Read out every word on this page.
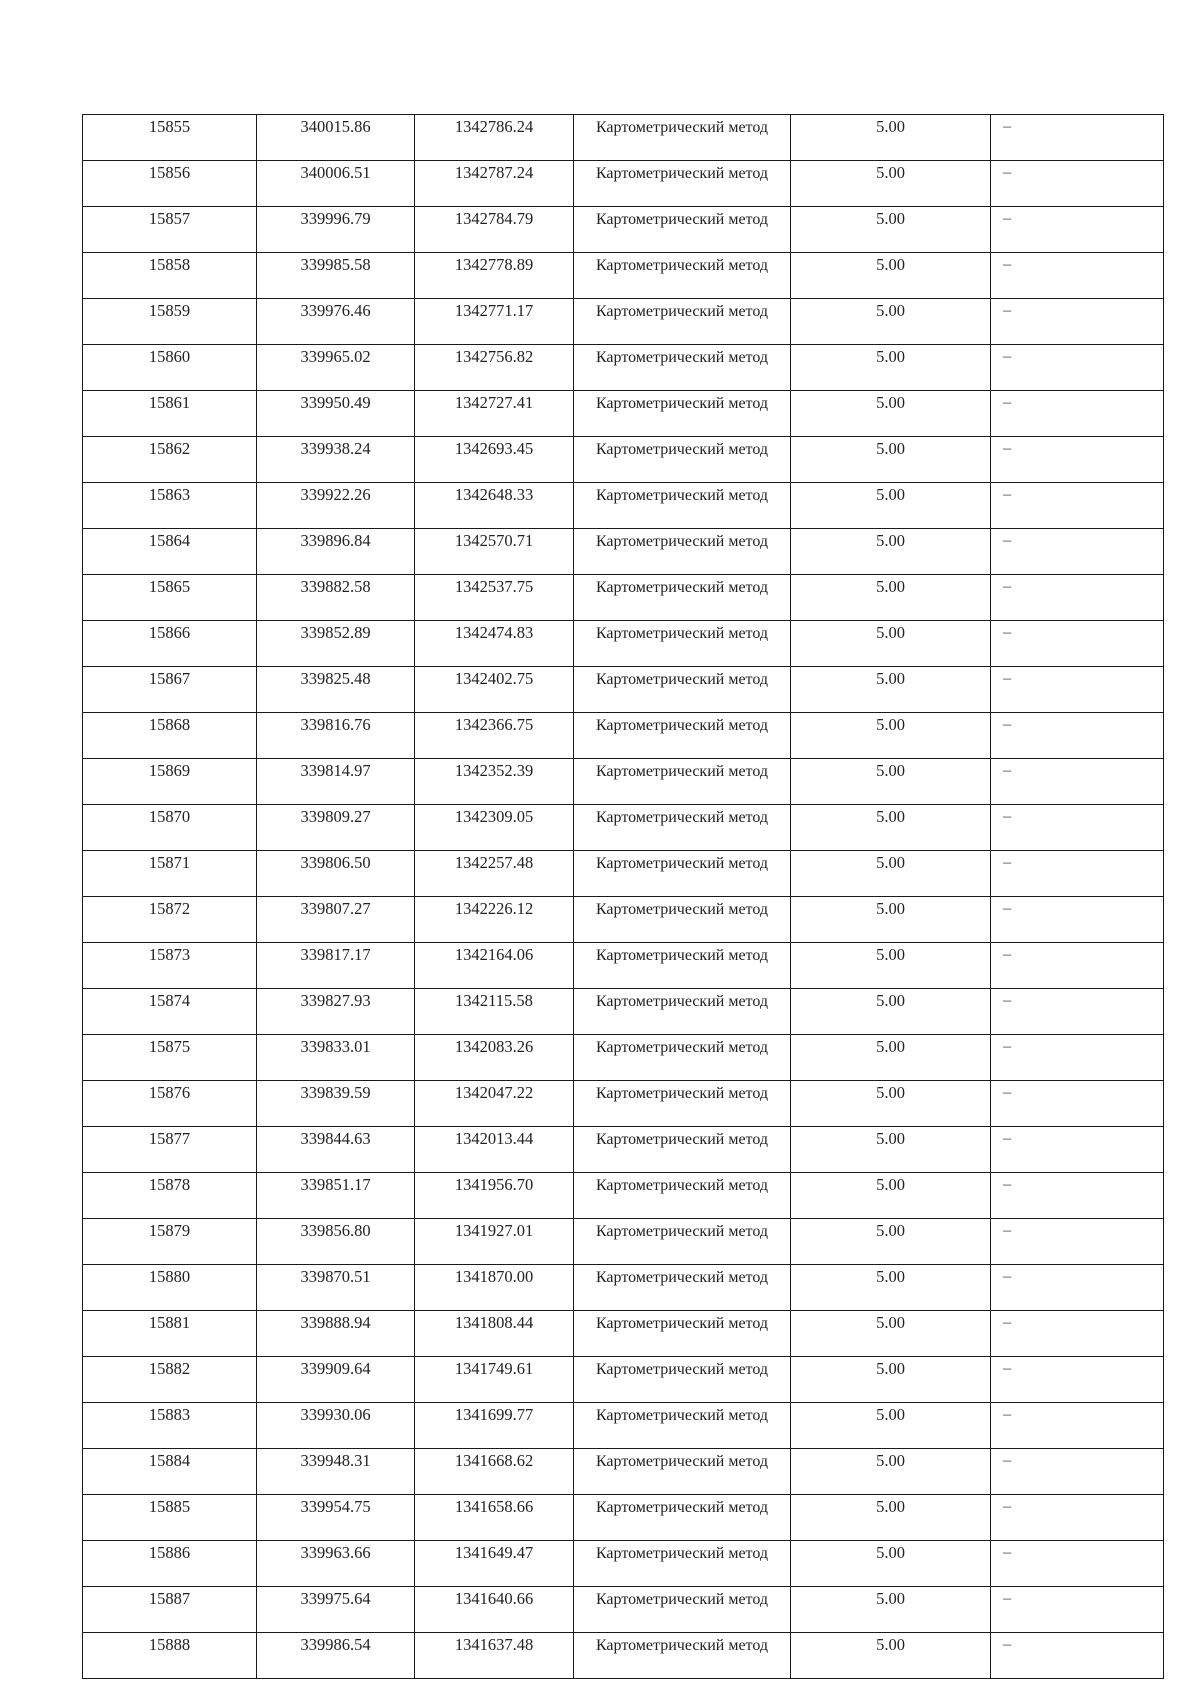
15855	340015.86	1342786.24	Картометрический метод	5.00	–
15856	340006.51	1342787.24	Картометрический метод	5.00	–
15857	339996.79	1342784.79	Картометрический метод	5.00	–
15858	339985.58	1342778.89	Картометрический метод	5.00	–
15859	339976.46	1342771.17	Картометрический метод	5.00	–
15860	339965.02	1342756.82	Картометрический метод	5.00	–
15861	339950.49	1342727.41	Картометрический метод	5.00	–
15862	339938.24	1342693.45	Картометрический метод	5.00	–
15863	339922.26	1342648.33	Картометрический метод	5.00	–
15864	339896.84	1342570.71	Картометрический метод	5.00	–
15865	339882.58	1342537.75	Картометрический метод	5.00	–
15866	339852.89	1342474.83	Картометрический метод	5.00	–
15867	339825.48	1342402.75	Картометрический метод	5.00	–
15868	339816.76	1342366.75	Картометрический метод	5.00	–
15869	339814.97	1342352.39	Картометрический метод	5.00	–
15870	339809.27	1342309.05	Картометрический метод	5.00	–
15871	339806.50	1342257.48	Картометрический метод	5.00	–
15872	339807.27	1342226.12	Картометрический метод	5.00	–
15873	339817.17	1342164.06	Картометрический метод	5.00	–
15874	339827.93	1342115.58	Картометрический метод	5.00	–
15875	339833.01	1342083.26	Картометрический метод	5.00	–
15876	339839.59	1342047.22	Картометрический метод	5.00	–
15877	339844.63	1342013.44	Картометрический метод	5.00	–
15878	339851.17	1341956.70	Картометрический метод	5.00	–
15879	339856.80	1341927.01	Картометрический метод	5.00	–
15880	339870.51	1341870.00	Картометрический метод	5.00	–
15881	339888.94	1341808.44	Картометрический метод	5.00	–
15882	339909.64	1341749.61	Картометрический метод	5.00	–
15883	339930.06	1341699.77	Картометрический метод	5.00	–
15884	339948.31	1341668.62	Картометрический метод	5.00	–
15885	339954.75	1341658.66	Картометрический метод	5.00	–
15886	339963.66	1341649.47	Картометрический метод	5.00	–
15887	339975.64	1341640.66	Картометрический метод	5.00	–
15888	339986.54	1341637.48	Картометрический метод	5.00	–
